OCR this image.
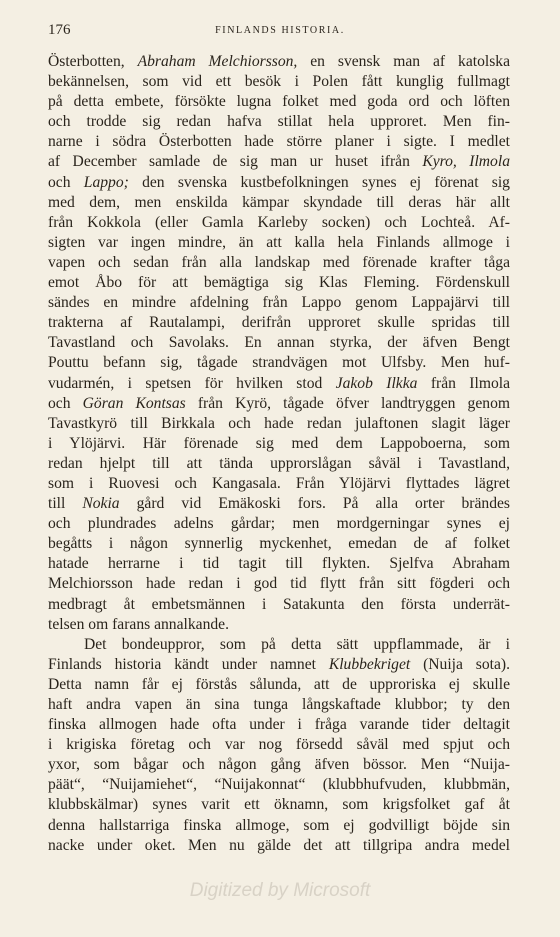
176	FINLANDS HISTORIA.
Österbotten, Abraham Melchiorsson, en svensk man af katolska
bekännelsen, som vid ett besök i Polen fått kunglig fullmagt
på detta embete, försökte lugna folket med goda ord och löften
och trodde sig redan hafva stillat hela upproret. Men fin-
narne i södra Österbotten hade större planer i sigte. I medlet
af December samlade de sig man ur huset ifrån Kyro, Ilmola
och Lappo; den svenska kustbefolkningen synes ej förenat sig
med dem, men enskilda kämpar skyndade till deras här allt
från Kokkola (eller Gamla Karleby socken) och Lochteå. Af-
sigten var ingen mindre, än att kalla hela Finlands allmoge i
vapen och sedan från alla landskap med förenade krafter tåga
emot Åbo för att bemägtiga sig Klas Fleming. Fördenskull
sändes en mindre afdelning från Lappo genom Lappajärvi till
trakterna af Rautalampi, derifrån upproret skulle spridas till
Tavastland och Savolaks. En annan styrka, der äfven Bengt
Pouttu befann sig, tågade strandvägen mot Ulfsby. Men huf-
vudarmén, i spetsen för hvilken stod Jakob Ilkka från Ilmola
och Göran Kontsas från Kyrö, tågade öfver landtryggen genom
Tavastkyrö till Birkkala och hade redan julaftonen slagit läger
i Ylöjärvi. Här förenade sig med dem Lappoboerna, som
redan hjelpt till att tända upprorslågan såväl i Tavastland,
som i Ruovesi och Kangasala. Från Ylöjärvi flyttades lägret
till Nokia gård vid Emäkoski fors. På alla orter brändes
och plundrades adelns gårdar; men mordgerningar synes ej
begåtts i någon synnerlig myckenhet, emedan de af folket
hatade herrarne i tid tagit till flykten. Sjelfva Abraham
Melchiorsson hade redan i god tid flytt från sitt fögderi och
medbragt åt embetsmännen i Satakunta den första underrät-
telsen om farans annalkande.
Det bondeuppror, som på detta sätt uppflammade, är i
Finlands historia kändt under namnet Klubbekriget (Nuija sota).
Detta namn får ej förstås sålunda, att de upproriska ej skulle
haft andra vapen än sina tunga långskaftade klubbor; ty den
finska allmogen hade ofta under i fråga varande tider deltagit
i krigiska företag och var nog försedd såväl med spjut och
yxor, som bågar och någon gång äfven bössor. Men “Nuija-
päät“, “Nuijamiehet“, “Nuijakonnat“ (klubbhufvuden, klubbmän,
klubbskälmar) synes varit ett öknamn, som krigsfolket gaf åt
denna hallstarriga finska allmoge, som ej godvilligt böjde sin
nacke under oket. Men nu gälde det att tillgripa andra medel
Digitized by Microsoft
